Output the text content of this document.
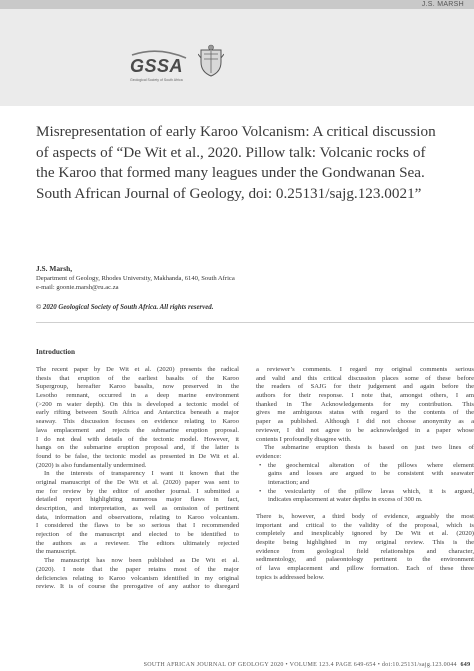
J.S. MARSH
GSSA
Geological Society of South Africa
Misrepresentation of early Karoo Volcanism: A critical discussion of aspects of “De Wit et al., 2020. Pillow talk: Volcanic rocks of the Karoo that formed many leagues under the Gondwanan Sea. South African Journal of Geology, doi: 0.25131/sajg.123.0021”
J.S. Marsh,
Department of Geology, Rhodes University, Makhanda, 6140, South Africa
e-mail: goonie.marsh@ru.ac.za
© 2020 Geological Society of South Africa. All rights reserved.
Introduction

The recent paper by De Wit et al. (2020) presents the radical
thesis that eruption of the earliest basalts of the Karoo
Supergroup, hereafter Karoo basalts, now preserved in the
Lesotho remnant, occurred in a deep marine environment
(>200 m water depth). On this is developed a tectonic model of
early rifting between South Africa and Antarctica beneath a major
seaway. This discussion focuses on evidence relating to Karoo
lava emplacement and rejects the submarine eruption proposal.
I do not deal with details of the tectonic model. However, it
hangs on the submarine eruption proposal and, if the latter is
found to be false, the tectonic model as presented in De Wit et al.
(2020) is also fundamentally undermined.

In the interests of transparency I want it known that the
original manuscript of the De Wit et al. (2020) paper was sent to
me for review by the editor of another journal. I submitted a
detailed report highlighting numerous major flaws in fact,
description, and interpretation, as well as omission of pertinent
data, information and observations, relating to Karoo volcanism.
I considered the flaws to be so serious that I recommended
rejection of the manuscript and elected to be identified to
the authors as a reviewer. The editors ultimately rejected
the manuscript.

The manuscript has now been published as De Wit et al.
(2020). I note that the paper retains most of the major
deficiencies relating to Karoo volcanism identified in my original
review. It is of course the prerogative of any author to disregard

a reviewer’s comments. I regard my original comments serious
and valid and this critical discussion places some of these before
the readers of SAJG for their judgement and again before the
authors for their response. I note that, amongst others, I am
thanked in The Acknowledgements for my contribution. This
gives me ambiguous status with regard to the contents of the
paper as published. Although I did not choose anonymity as a
reviewer, I did not agree to be acknowledged in a paper whose
contents I profoundly disagree with.

The submarine eruption thesis is based on just two lines of
evidence:

• the geochemical alteration of the pillows where element
gains and losses are argued to be consistent with seawater
interaction; and

• the vesicularity of the pillow lavas which, it is argued,
indicates emplacement at water depths in excess of 300 m.

There is, however, a third body of evidence, arguably the most
important and critical to the validity of the proposal, which is
completely and inexplicably ignored by De Wit et al. (2020)
despite being highlighted in my original review. This is the
evidence from geological field relationships and character,
sedimentology, and palaeontology pertinent to the environment
of lava emplacement and pillow formation. Each of these three
topics is addressed below.

SOUTH AFRICAN JOURNAL OF GEOLOGY 2020 • VOLUME 123.4 PAGE 649-654 • doi:10.25131/sajg.123.0044 649
